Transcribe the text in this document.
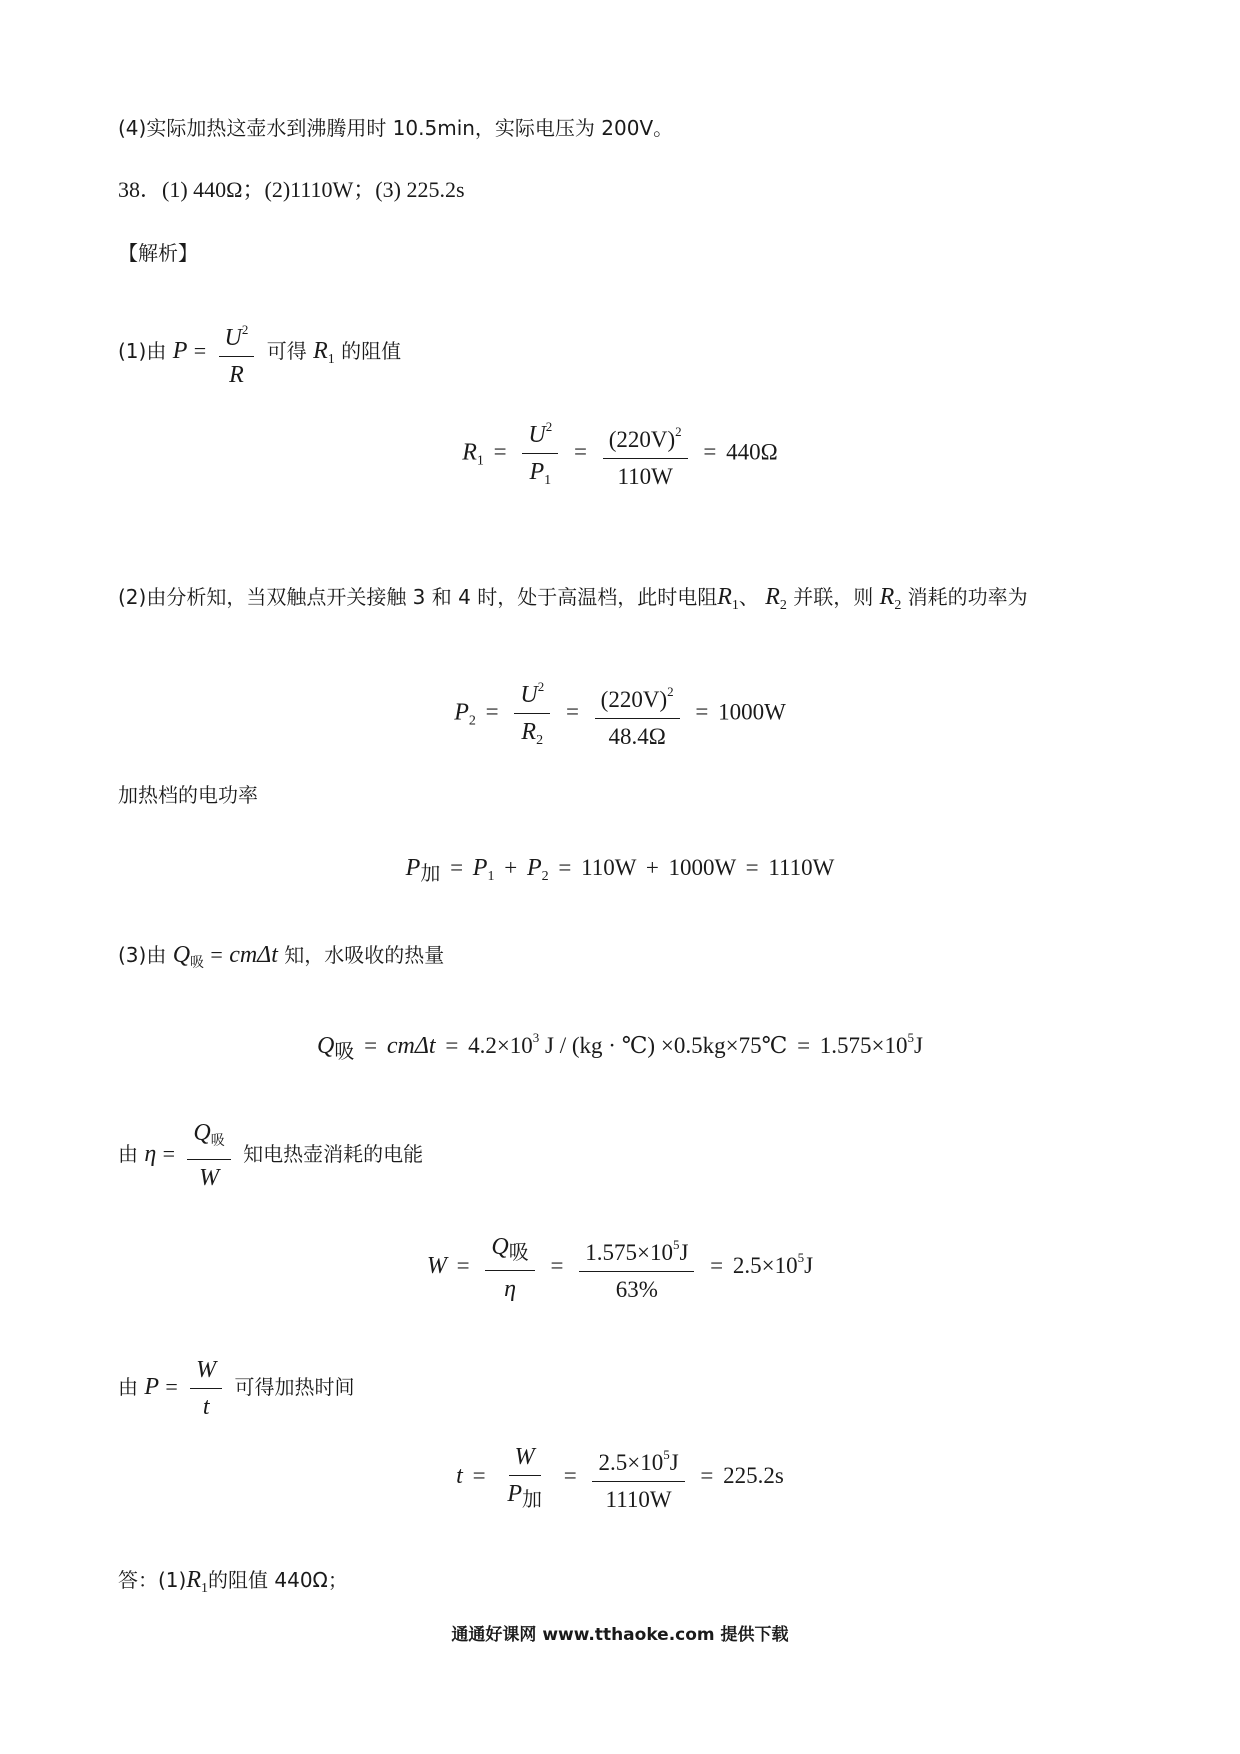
(4)实际加热这壶水到沸腾用时 10.5min，实际电压为 200V。
38．(1) 440Ω；(2)1110W；(3) 225.2s
【解析】
(1)由 $P = \frac{U^2}{R}$ 可得 $R_1$ 的阻值
$R_1 = \frac{U^2}{P_1} = \frac{(220V)^2}{110W} = 440\Omega$
(2)由分析知，当双触点开关接触 3 和 4 时，处于高温档，此时电阻$R_1$、 $R_2$ 并联，则 $R_2$ 消耗的功率为
$P_2 = \frac{U^2}{R_2} = \frac{(220V)^2}{48.4\Omega} = 1000W$
加热档的电功率
P加 = $P_1 + P_2 = 110W + 1000W = 1110W$
(3)由 $Q_吸 = cm\Delta t$ 知，水吸收的热量
Q吸 = $cm\Delta t = 4.2\times 10^3$ J / (kg · ℃) ×0.5kg×75℃ = $1.575\times 10^5J$
由 $\eta = \frac{Q_吸}{W}$ 知电热壶消耗的电能
$W = \frac{\text{Q吸}}{\eta} = \frac{1.575\times 10^5J}{63\%} = 2.5\times 10^5J$
由 $P = \frac{W}{t}$ 可得加热时间
$t = \frac{W}{\text{P加}} = \frac{2.5\times 10^5J}{1110W} = 225.2s$
答：$(1)R_1$的阻值 440Ω；
通通好课网 www.tthaoke.com 提供下载
